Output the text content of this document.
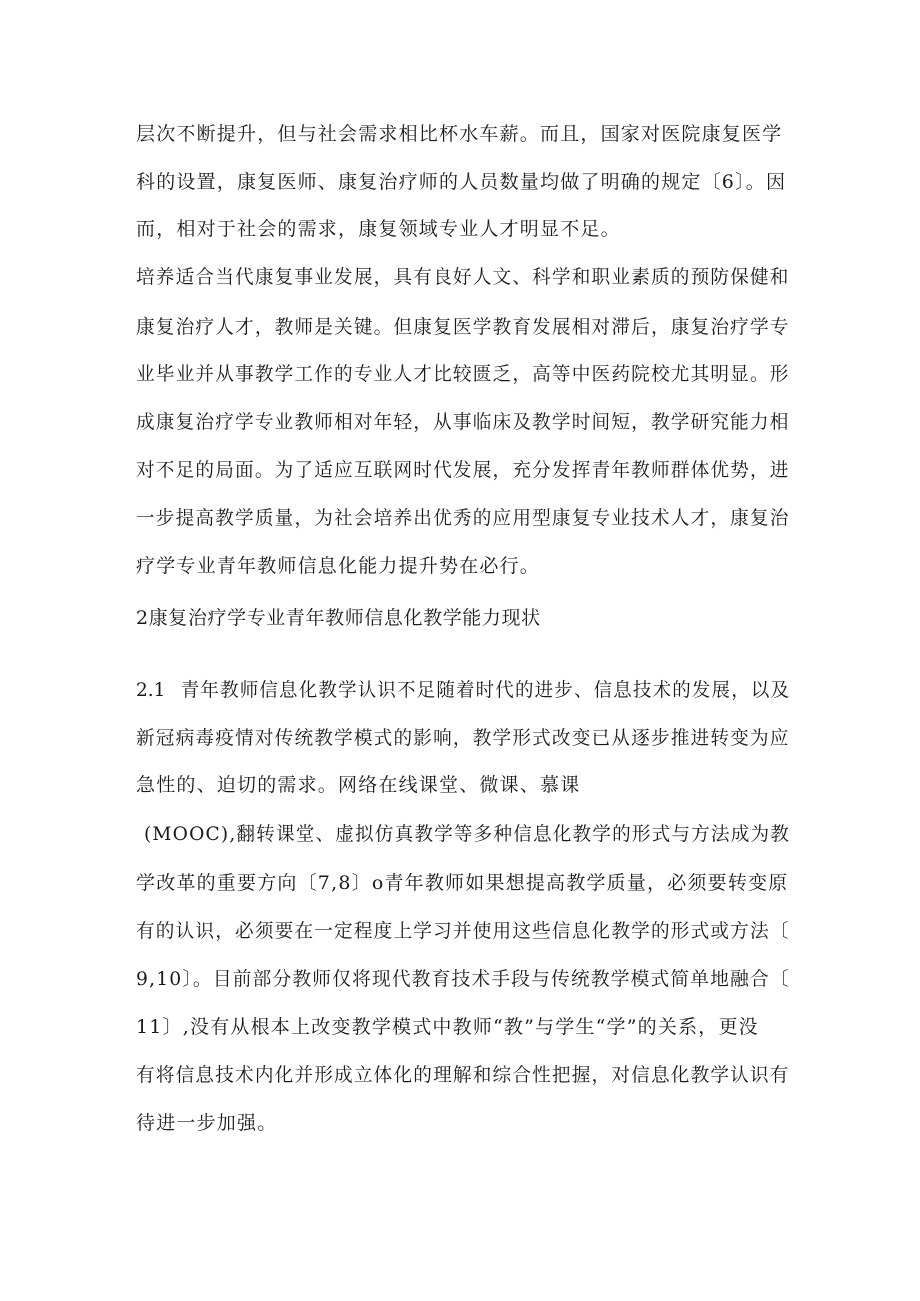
层次不断提升，但与社会需求相比杯水车薪。而且，国家对医院康复医学
科的设置，康复医师、康复治疗师的人员数量均做了明确的规定〔6〕。因
而，相对于社会的需求，康复领域专业人才明显不足。
培养适合当代康复事业发展，具有良好人文、科学和职业素质的预防保健和
康复治疗人才，教师是关键。但康复医学教育发展相对滞后，康复治疗学专
业毕业并从事教学工作的专业人才比较匮乏，高等中医药院校尤其明显。形
成康复治疗学专业教师相对年轻，从事临床及教学时间短，教学研究能力相
对不足的局面。为了适应互联网时代发展，充分发挥青年教师群体优势，进
一步提高教学质量，为社会培养出优秀的应用型康复专业技术人才，康复治
疗学专业青年教师信息化能力提升势在必行。
2康复治疗学专业青年教师信息化教学能力现状
2.1 青年教师信息化教学认识不足随着时代的进步、信息技术的发展，以及
新冠病毒疫情对传统教学模式的影响，教学形式改变已从逐步推进转变为应
急性的、迫切的需求。网络在线课堂、微课、慕课
(MOOC),翻转课堂、虚拟仿真教学等多种信息化教学的形式与方法成为教
学改革的重要方向〔7,8〕o青年教师如果想提高教学质量，必须要转变原
有的认识，必须要在一定程度上学习并使用这些信息化教学的形式或方法〔
9,10〕。目前部分教师仅将现代教育技术手段与传统教学模式简单地融合〔
11〕,没有从根本上改变教学模式中教师“教”与学生“学”的关系，更没
有将信息技术内化并形成立体化的理解和综合性把握，对信息化教学认识有
待进一步加强。
